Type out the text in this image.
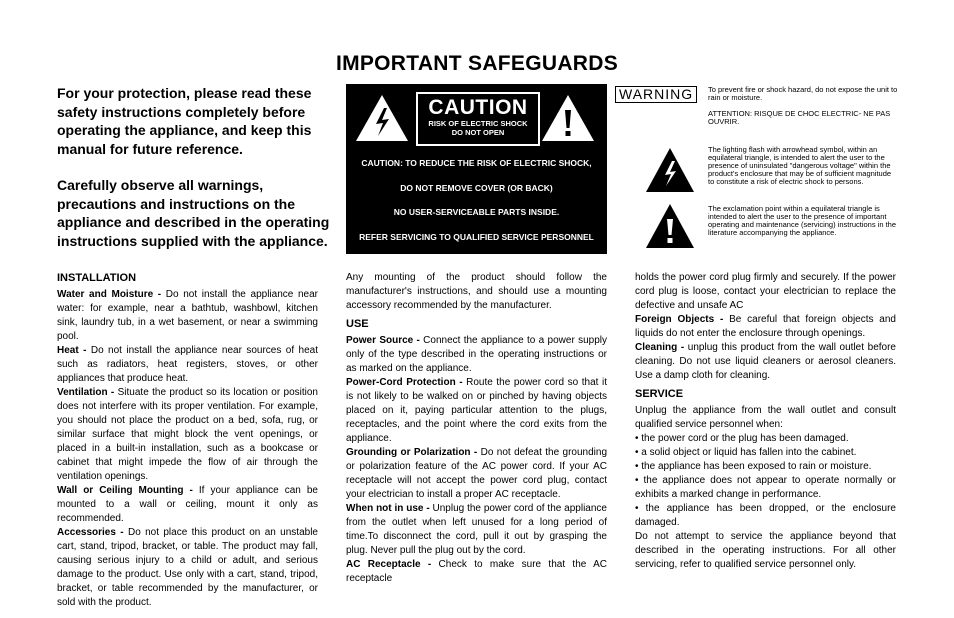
IMPORTANT SAFEGUARDS

For your protection, please read these safety instructions completely before operating the appliance, and keep this manual for future reference.

Carefully observe all warnings, precautions and instructions on the appliance and described in the operating instructions supplied with the appliance.

CAUTION
RISK OF ELECTRIC SHOCK
DO NOT OPEN
CAUTION: TO REDUCE THE RISK OF ELECTRIC SHOCK,
DO NOT REMOVE COVER (OR BACK)
NO USER-SERVICEABLE PARTS INSIDE.
REFER SERVICING TO QUALIFIED SERVICE PERSONNEL
WARNING	To prevent fire or shock hazard, do not expose the unit to rain or moisture.
ATTENTION: RISQUE DE CHOC ELECTRIC- NE PAS OUVRIR.
The lighting flash with arrowhead symbol, within an equilateral triangle, is intended to alert the user to the presence of uninsulated "dangerous voltage" within the product's enclosure that may be of sufficient magnitude to constitute a risk of electric shock to persons.
The exclamation point within a equilateral triangle is intended to alert the user to the presence of important operating and maintenance (servicing) instructions in the literature accompanying the appliance.
INSTALLATION

Water and Moisture - Do not install the appliance near water: for example, near a bathtub, washbowl, kitchen sink, laundry tub, in a wet basement, or near a swimming pool.

Heat - Do not install the appliance near sources of heat such as radiators, heat registers, stoves, or other appliances that produce heat.

Ventilation - Situate the product so its location or position does not interfere with its proper ventilation. For example, you should not place the product on a bed, sofa, rug, or similar surface that might block the vent openings, or placed in a built-in installation, such as a bookcase or cabinet that might impede the flow of air through the ventilation openings.

Wall or Ceiling Mounting - If your appliance can be mounted to a wall or ceiling, mount it only as recommended.

Accessories - Do not place this product on an unstable cart, stand, tripod, bracket, or table. The product may fall, causing serious injury to a child or adult, and serious damage to the product. Use only with a cart, stand, tripod, bracket, or table recommended by the manufacturer, or sold with the product.

Any mounting of the product should follow the manufacturer's instructions, and should use a mounting accessory recommended by the manufacturer.

USE

Power Source - Connect the appliance to a power supply only of the type described in the operating instructions or as marked on the appliance.

Power-Cord Protection - Route the power cord so that it is not likely to be walked on or pinched by having objects placed on it, paying particular attention to the plugs, receptacles, and the point where the cord exits from the appliance.

Grounding or Polarization - Do not defeat the grounding or polarization feature of the AC power cord. If your AC receptacle will not accept the power cord plug, contact your electrician to install a proper AC receptacle.

When not in use - Unplug the power cord of the appliance from the outlet when left unused for a long period of time.To disconnect the cord, pull it out by grasping the plug. Never pull the plug out by the cord.

AC Receptacle - Check to make sure that the AC receptacle

holds the power cord plug firmly and securely. If the power cord plug is loose, contact your electrician to replace the defective and unsafe AC

Foreign Objects - Be careful that foreign objects and liquids do not enter the enclosure through openings.

Cleaning - unplug this product from the wall outlet before cleaning. Do not use liquid cleaners or aerosol cleaners. Use a damp cloth for cleaning.

SERVICE

Unplug the appliance from the wall outlet and consult qualified service personnel when:

• the power cord or the plug has been damaged.

• a solid object or liquid has fallen into the cabinet.

• the appliance has been exposed to rain or moisture.

• the appliance does not appear to operate normally or exhibits a marked change in performance.

• the appliance has been dropped, or the enclosure damaged.

Do not attempt to service the appliance beyond that described in the operating instructions. For all other servicing, refer to qualified service personnel only.
